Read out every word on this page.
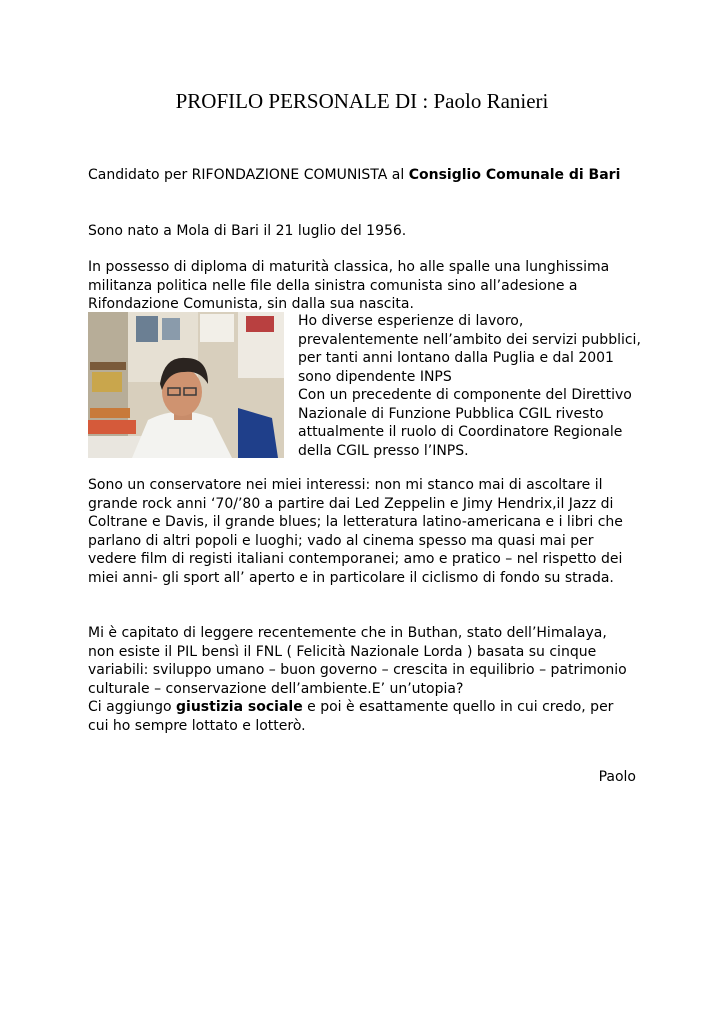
PROFILO PERSONALE DI : Paolo Ranieri

Candidato per RIFONDAZIONE COMUNISTA al Consiglio Comunale di Bari

Sono nato a Mola di Bari il 21 luglio del 1956.

In possesso di diploma di maturità classica, ho alle spalle una lunghissima militanza politica nelle file della sinistra comunista sino all’adesione a Rifondazione Comunista, sin dalla sua nascita.

Ho diverse esperienze di lavoro, prevalentemente nell’ambito dei servizi pubblici, per tanti anni lontano dalla Puglia e dal 2001 sono dipendente INPS

Con un precedente di componente del Direttivo Nazionale di Funzione Pubblica CGIL rivesto attualmente il ruolo di Coordinatore Regionale della CGIL presso l’INPS.

Sono un conservatore nei miei interessi: non mi stanco mai di ascoltare il grande rock anni ‘70/’80 a partire dai Led Zeppelin e Jimy Hendrix,il Jazz di Coltrane e Davis, il grande blues; la letteratura latino-americana e i libri che parlano di altri popoli e luoghi; vado al cinema spesso ma quasi mai per vedere film di registi italiani contemporanei; amo e pratico – nel rispetto dei miei anni- gli sport all’ aperto e in particolare il ciclismo di fondo su strada.

Mi è capitato di leggere recentemente che in Buthan, stato dell’Himalaya, non esiste il PIL bensì il FNL ( Felicità Nazionale Lorda ) basata su cinque variabili: sviluppo umano – buon governo – crescita in equilibrio – patrimonio culturale – conservazione dell’ambiente.E’ un’utopia?

Ci aggiungo giustizia sociale e poi è esattamente quello in cui credo, per cui ho sempre lottato e lotterò.

Paolo
